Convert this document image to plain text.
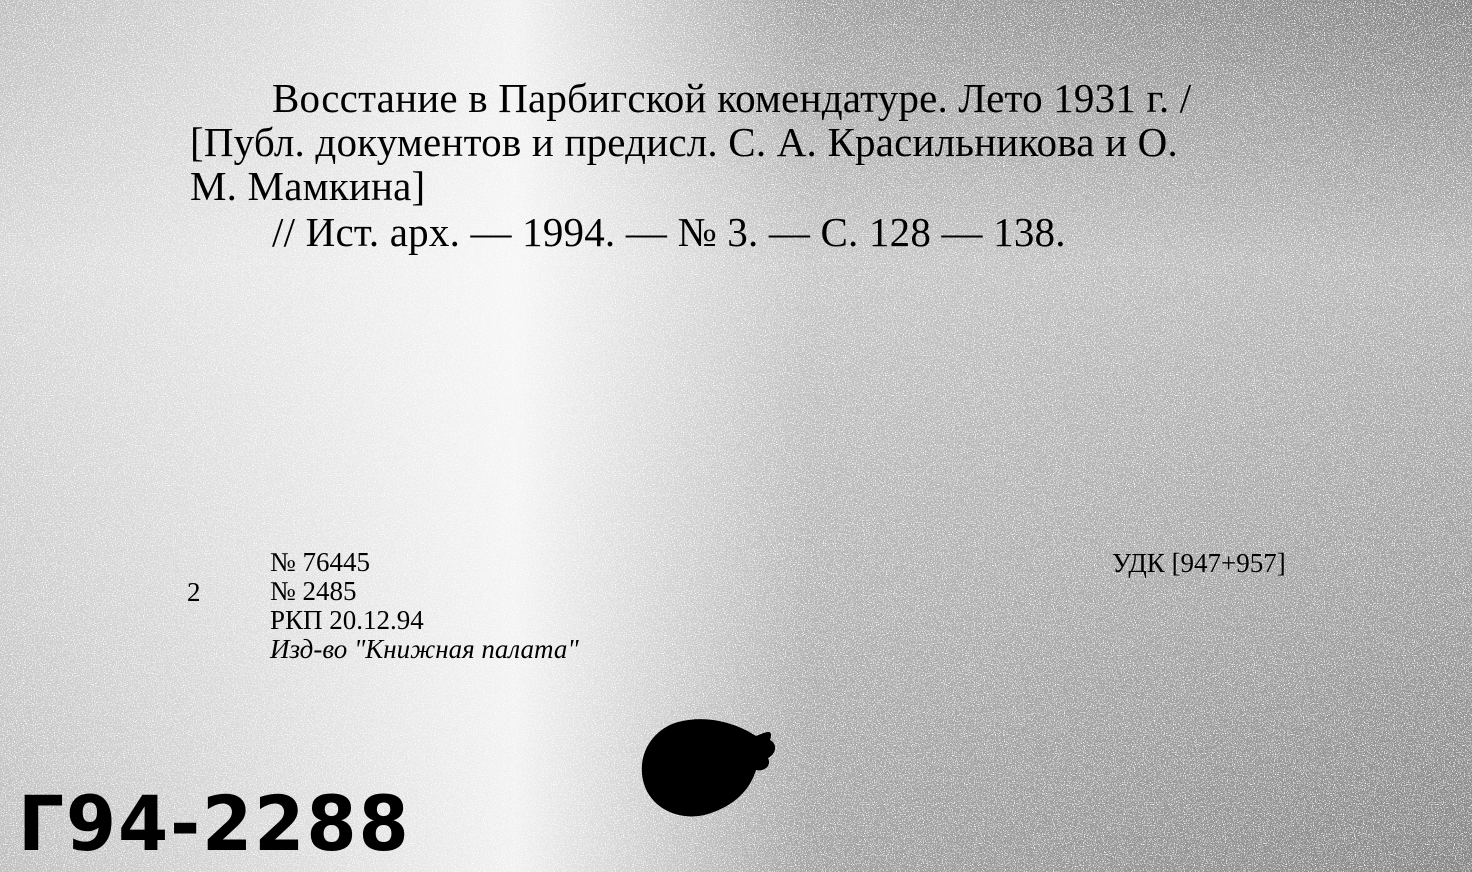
Восстание в Парбигской комендатуре. Лето 1931 г. /
[Публ. документов и предисл. С. А. Красильникова и О.
М. Мамкина]
// Ист. арх. — 1994. — № 3. — С. 128 — 138.
2
№ 76445
№ 2485
РКП 20.12.94
Изд-во "Книжная палата"
УДК [947+957]
Г94-2288
